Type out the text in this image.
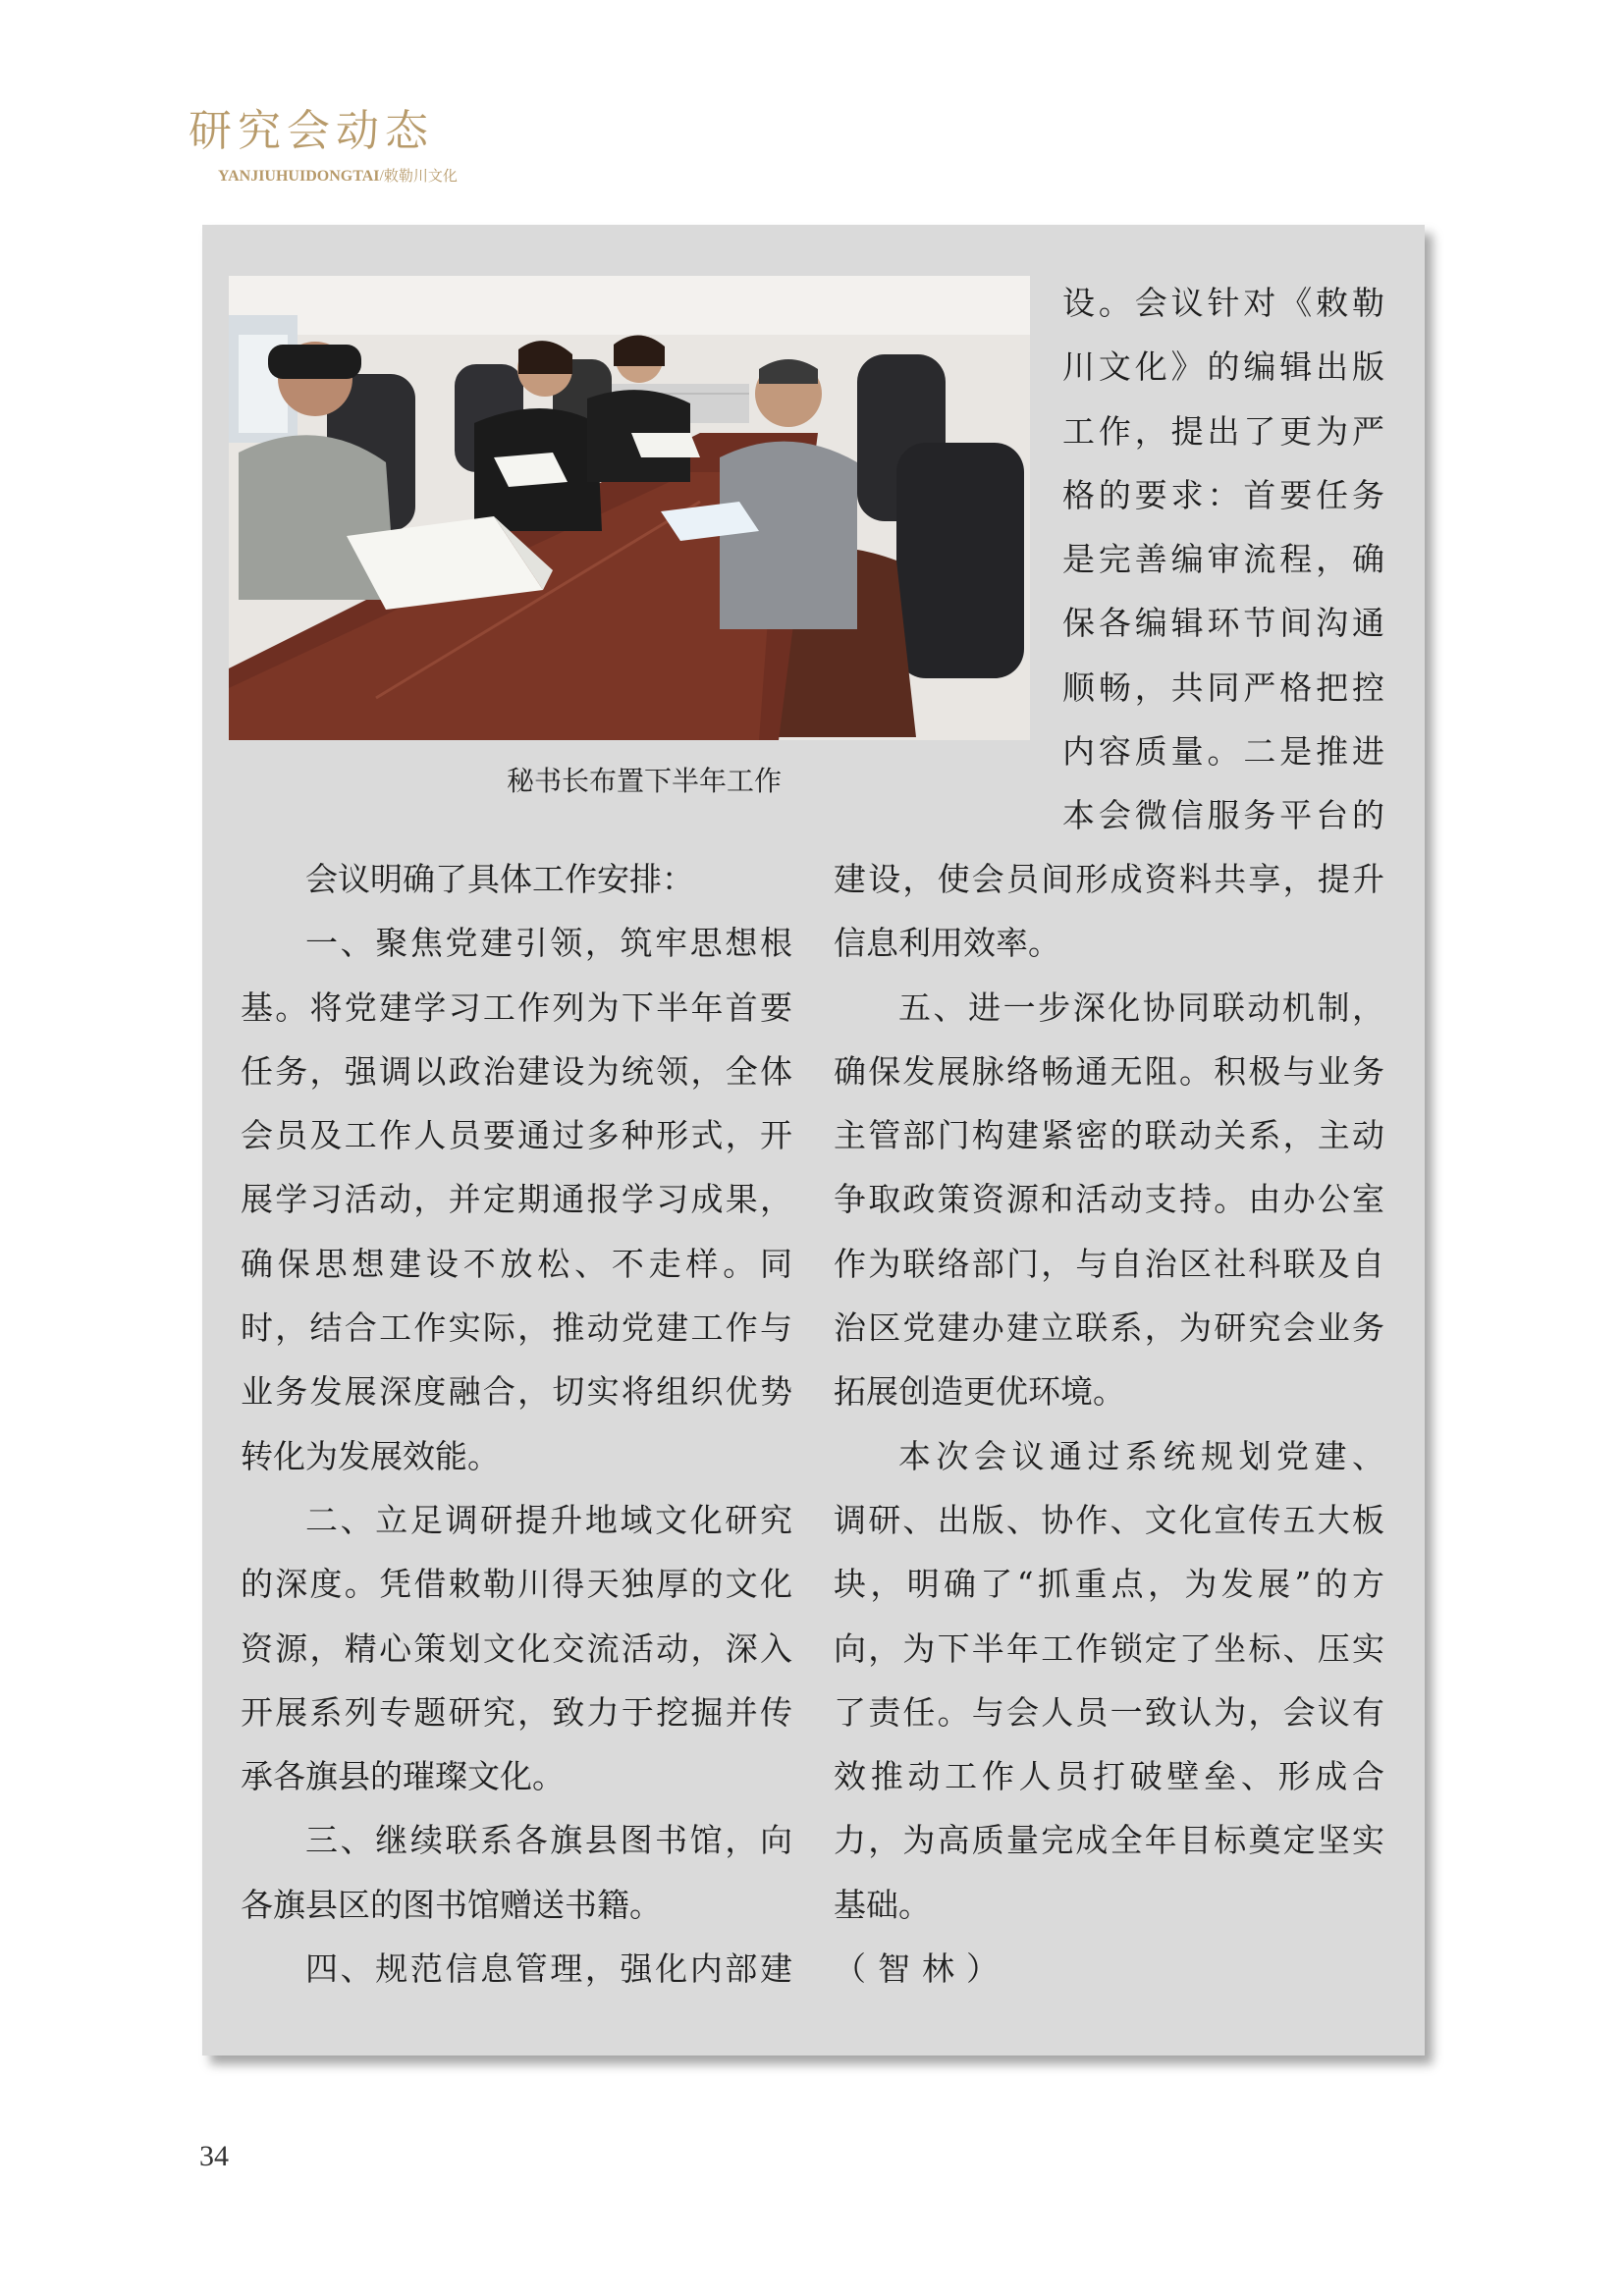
研究会动态
YANJIUHUIDONGTAI/敕勒川文化
秘书长布置下半年工作
设。会议针对《敕勒
川文化》的编辑出版
工作，提出了更为严
格的要求：首要任务
是完善编审流程，确
保各编辑环节间沟通
顺畅，共同严格把控
内容质量。二是推进
本会微信服务平台的
会议明确了具体工作安排：
一、聚焦党建引领，筑牢思想根
基。将党建学习工作列为下半年首要
任务，强调以政治建设为统领，全体
会员及工作人员要通过多种形式，开
展学习活动，并定期通报学习成果，
确保思想建设不放松、不走样。同
时，结合工作实际，推动党建工作与
业务发展深度融合，切实将组织优势
转化为发展效能。
二、立足调研提升地域文化研究
的深度。凭借敕勒川得天独厚的文化
资源，精心策划文化交流活动，深入
开展系列专题研究，致力于挖掘并传
承各旗县的璀璨文化。
三、继续联系各旗县图书馆，向
各旗县区的图书馆赠送书籍。
四、规范信息管理，强化内部建
建设，使会员间形成资料共享，提升
信息利用效率。
五、进一步深化协同联动机制，
确保发展脉络畅通无阻。积极与业务
主管部门构建紧密的联动关系，主动
争取政策资源和活动支持。由办公室
作为联络部门，与自治区社科联及自
治区党建办建立联系，为研究会业务
拓展创造更优环境。
本次会议通过系统规划党建、
调研、出版、协作、文化宣传五大板
块，明确了“抓重点，为发展”的方
向，为下半年工作锁定了坐标、压实
了责任。与会人员一致认为，会议有
效推动工作人员打破壁垒、形成合
力，为高质量完成全年目标奠定坚实
基础。
（智林）
34
